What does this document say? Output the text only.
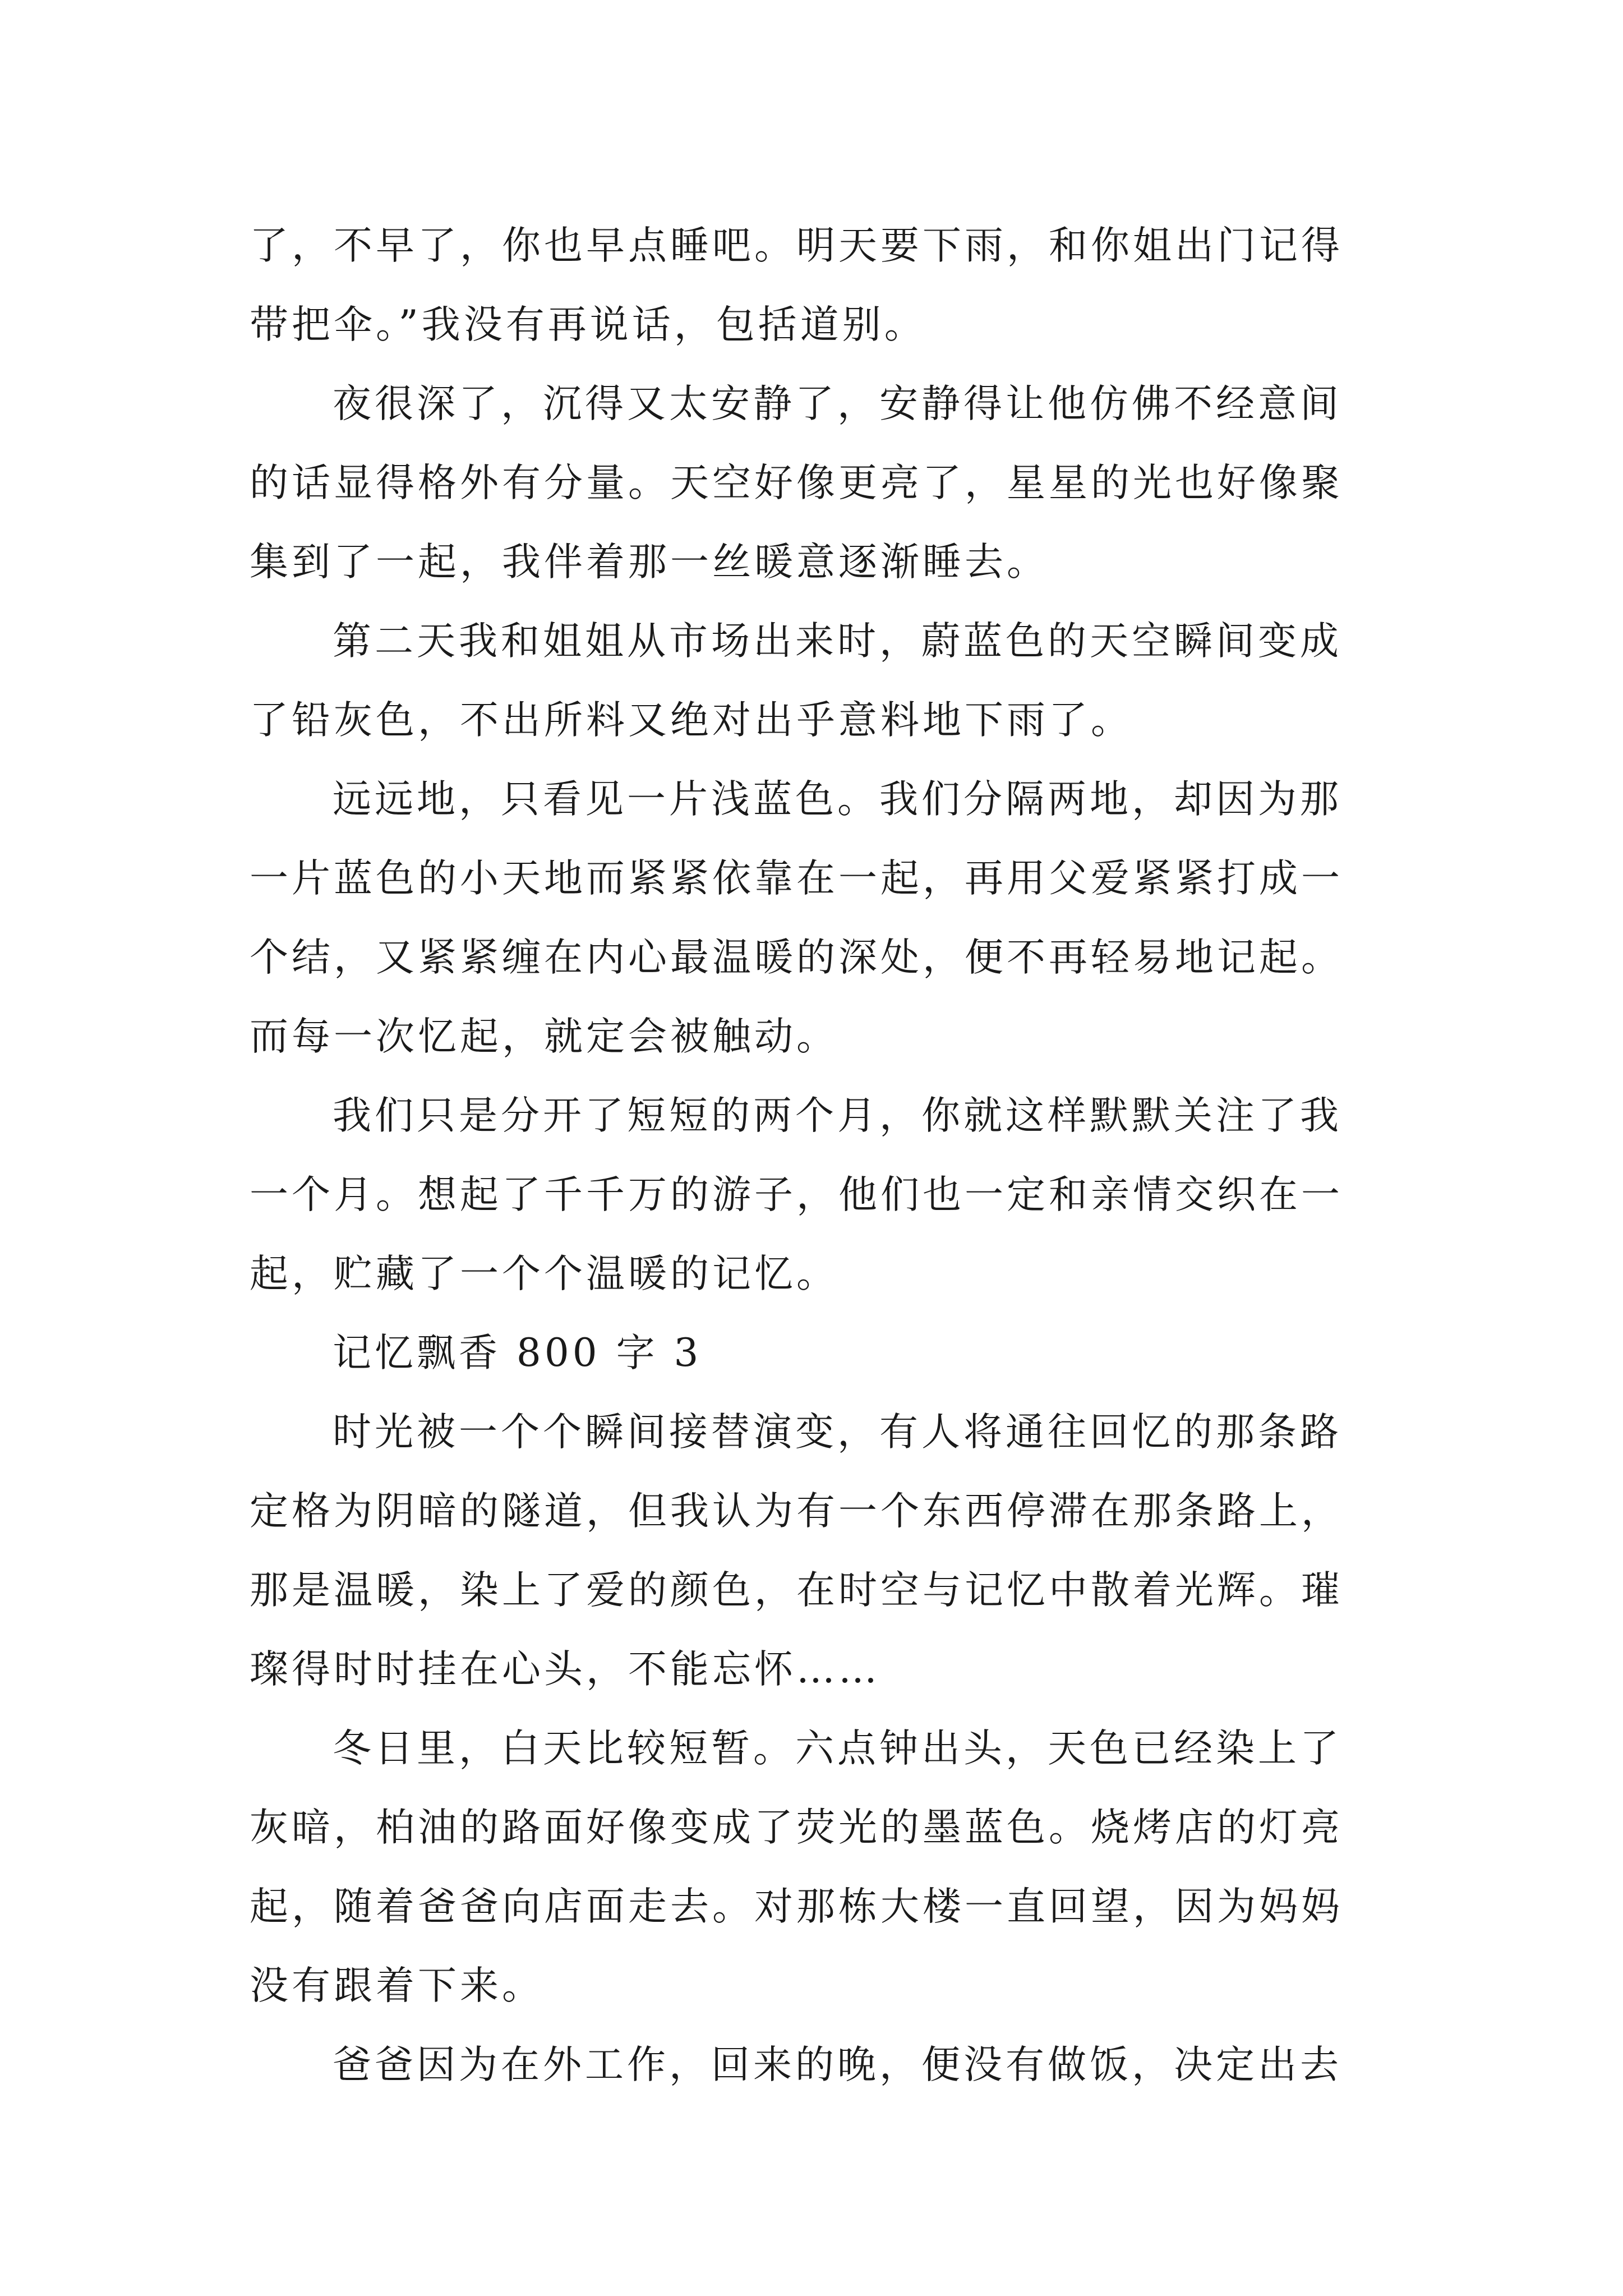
了，不早了，你也早点睡吧。明天要下雨，和你姐出门记得
带把伞。”我没有再说话，包括道别。
夜很深了，沉得又太安静了，安静得让他仿佛不经意间
的话显得格外有分量。天空好像更亮了，星星的光也好像聚
集到了一起，我伴着那一丝暖意逐渐睡去。
第二天我和姐姐从市场出来时，蔚蓝色的天空瞬间变成
了铅灰色，不出所料又绝对出乎意料地下雨了。
远远地，只看见一片浅蓝色。我们分隔两地，却因为那
一片蓝色的小天地而紧紧依靠在一起，再用父爱紧紧打成一
个结，又紧紧缠在内心最温暖的深处，便不再轻易地记起。
而每一次忆起，就定会被触动。
我们只是分开了短短的两个月，你就这样默默关注了我
一个月。想起了千千万的游子，他们也一定和亲情交织在一
起，贮藏了一个个温暖的记忆。
记忆飘香 800 字 3
时光被一个个瞬间接替演变，有人将通往回忆的那条路
定格为阴暗的隧道，但我认为有一个东西停滞在那条路上，
那是温暖，染上了爱的颜色，在时空与记忆中散着光辉。璀
璨得时时挂在心头，不能忘怀……
冬日里，白天比较短暂。六点钟出头，天色已经染上了
灰暗，柏油的路面好像变成了荧光的墨蓝色。烧烤店的灯亮
起，随着爸爸向店面走去。对那栋大楼一直回望，因为妈妈
没有跟着下来。
爸爸因为在外工作，回来的晚，便没有做饭，决定出去
